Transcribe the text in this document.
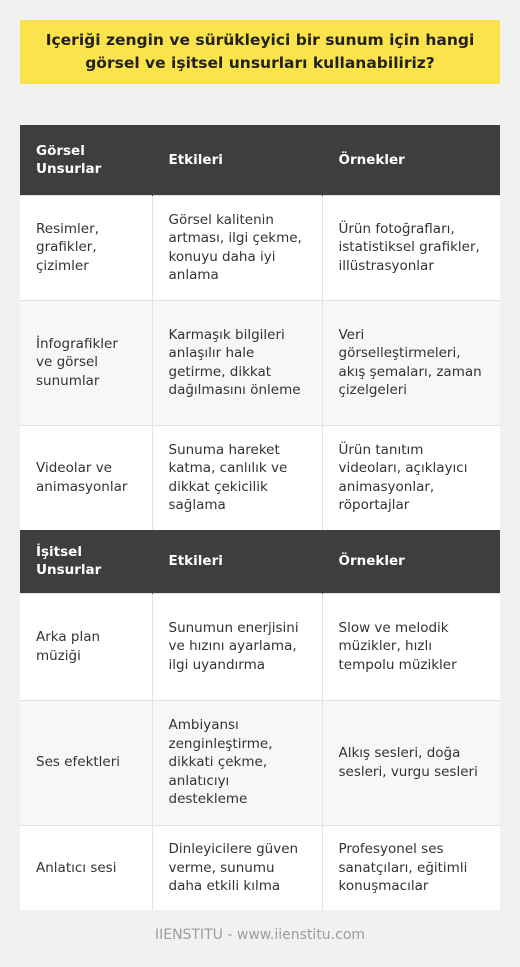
Içeriği zengin ve sürükleyici bir sunum için hangi görsel ve işitsel unsurları kullanabiliriz?
Görsel Unsurlar	Etkileri	Örnekler
Resimler, grafikler, çizimler	Görsel kalitenin artması, ilgi çekme, konuyu daha iyi anlama	Ürün fotoğrafları, istatistiksel grafikler, illüstrasyonlar
İnfografikler ve görsel sunumlar	Karmaşık bilgileri anlaşılır hale getirme, dikkat dağılmasını önleme	Veri görselleştirmeleri, akış şemaları, zaman çizelgeleri
Videolar ve animasyonlar	Sunuma hareket katma, canlılık ve dikkat çekicilik sağlama	Ürün tanıtım videoları, açıklayıcı animasyonlar, röportajlar
İşitsel Unsurlar	Etkileri	Örnekler
Arka plan müziği	Sunumun enerjisini ve hızını ayarlama, ilgi uyandırma	Slow ve melodik müzikler, hızlı tempolu müzikler
Ses efektleri	Ambiyansı zenginleştirme, dikkati çekme, anlatıcıyı destekleme	Alkış sesleri, doğa sesleri, vurgu sesleri
Anlatıcı sesi	Dinleyicilere güven verme, sunumu daha etkili kılma	Profesyonel ses sanatçıları, eğitimli konuşmacılar
IIENSTITU - www.iienstitu.com
